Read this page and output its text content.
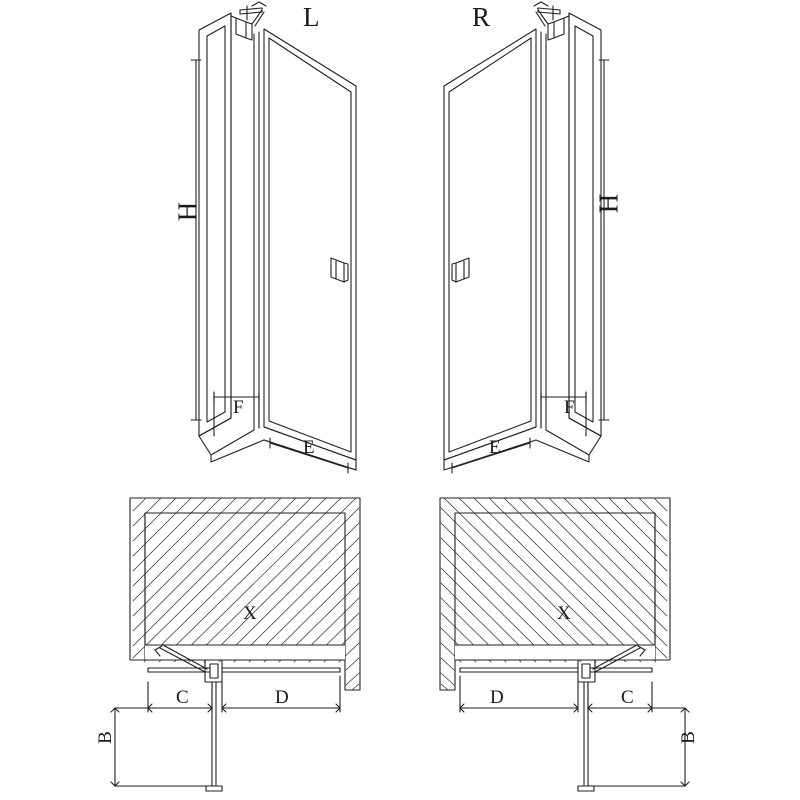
L	R
H
F
E
H
F
E
X
C	D
B
X
D	C
B
